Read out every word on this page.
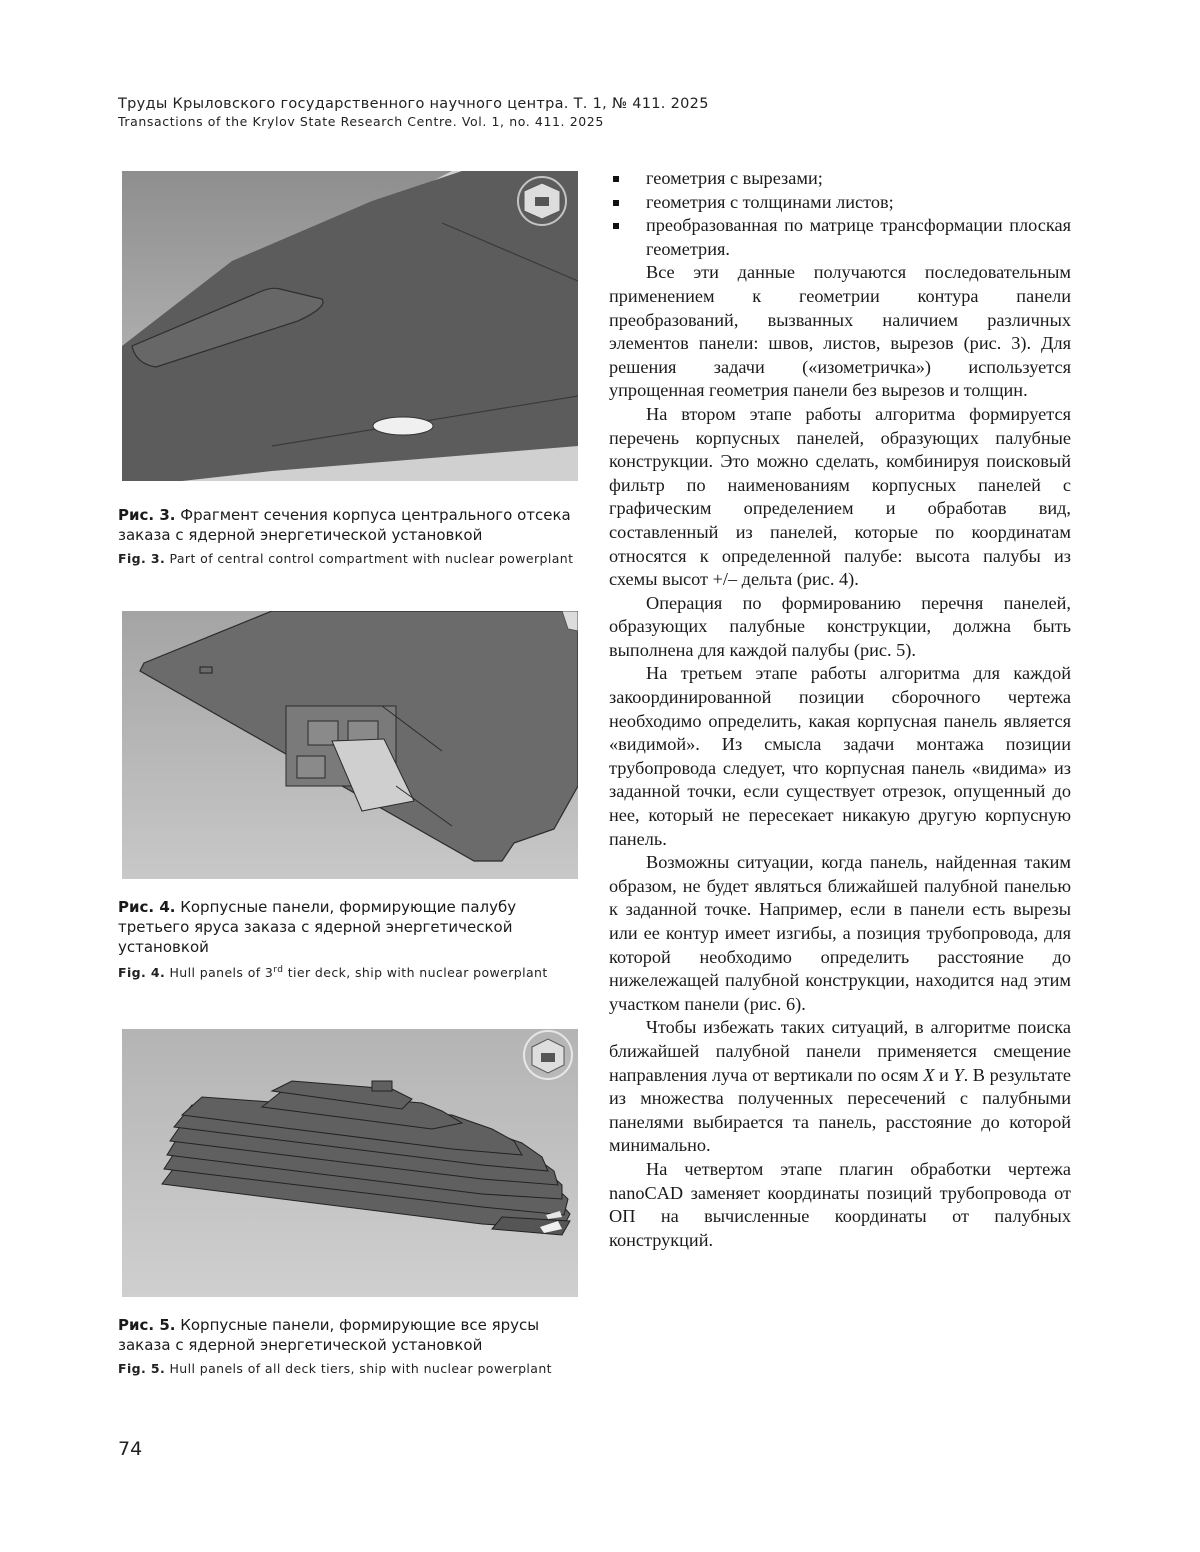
Труды Крыловского государственного научного центра. Т. 1, № 411. 2025
Transactions of the Krylov State Research Centre. Vol. 1, no. 411. 2025
Рис. 3. Фрагмент сечения корпуса центрального отсека заказа с ядерной энергетической установкой
Fig. 3. Part of central control compartment with nuclear powerplant
Рис. 4. Корпусные панели, формирующие палубу третьего яруса заказа с ядерной энергетической установкой
Fig. 4. Hull panels of 3rd tier deck, ship with nuclear powerplant
Рис. 5. Корпусные панели, формирующие все ярусы заказа с ядерной энергетической установкой
Fig. 5. Hull panels of all deck tiers, ship with nuclear powerplant
геометрия с вырезами;
геометрия с толщинами листов;
преобразованная по матрице трансформации плоская геометрия.

Все эти данные получаются последовательным применением к геометрии контура панели преобразований, вызванных наличием различных элементов панели: швов, листов, вырезов (рис. 3). Для решения задачи («изометричка») используется упрощенная геометрия панели без вырезов и толщин.

На втором этапе работы алгоритма формируется перечень корпусных панелей, образующих палубные конструкции. Это можно сделать, комбинируя поисковый фильтр по наименованиям корпусных панелей с графическим определением и обработав вид, составленный из панелей, которые по координатам относятся к определенной палубе: высота палубы из схемы высот +/– дельта (рис. 4).

Операция по формированию перечня панелей, образующих палубные конструкции, должна быть выполнена для каждой палубы (рис. 5).

На третьем этапе работы алгоритма для каждой закоординированной позиции сборочного чертежа необходимо определить, какая корпусная панель является «видимой». Из смысла задачи монтажа позиции трубопровода следует, что корпусная панель «видима» из заданной точки, если существует отрезок, опущенный до нее, который не пересекает никакую другую корпусную панель.

Возможны ситуации, когда панель, найденная таким образом, не будет являться ближайшей палубной панелью к заданной точке. Например, если в панели есть вырезы или ее контур имеет изгибы, а позиция трубопровода, для которой необходимо определить расстояние до нижележащей палубной конструкции, находится над этим участком панели (рис. 6).

Чтобы избежать таких ситуаций, в алгоритме поиска ближайшей палубной панели применяется смещение направления луча от вертикали по осям X и Y. В результате из множества полученных пересечений с палубными панелями выбирается та панель, расстояние до которой минимально.

На четвертом этапе плагин обработки чертежа nanoCAD заменяет координаты позиций трубопровода от ОП на вычисленные координаты от палубных конструкций.

74
